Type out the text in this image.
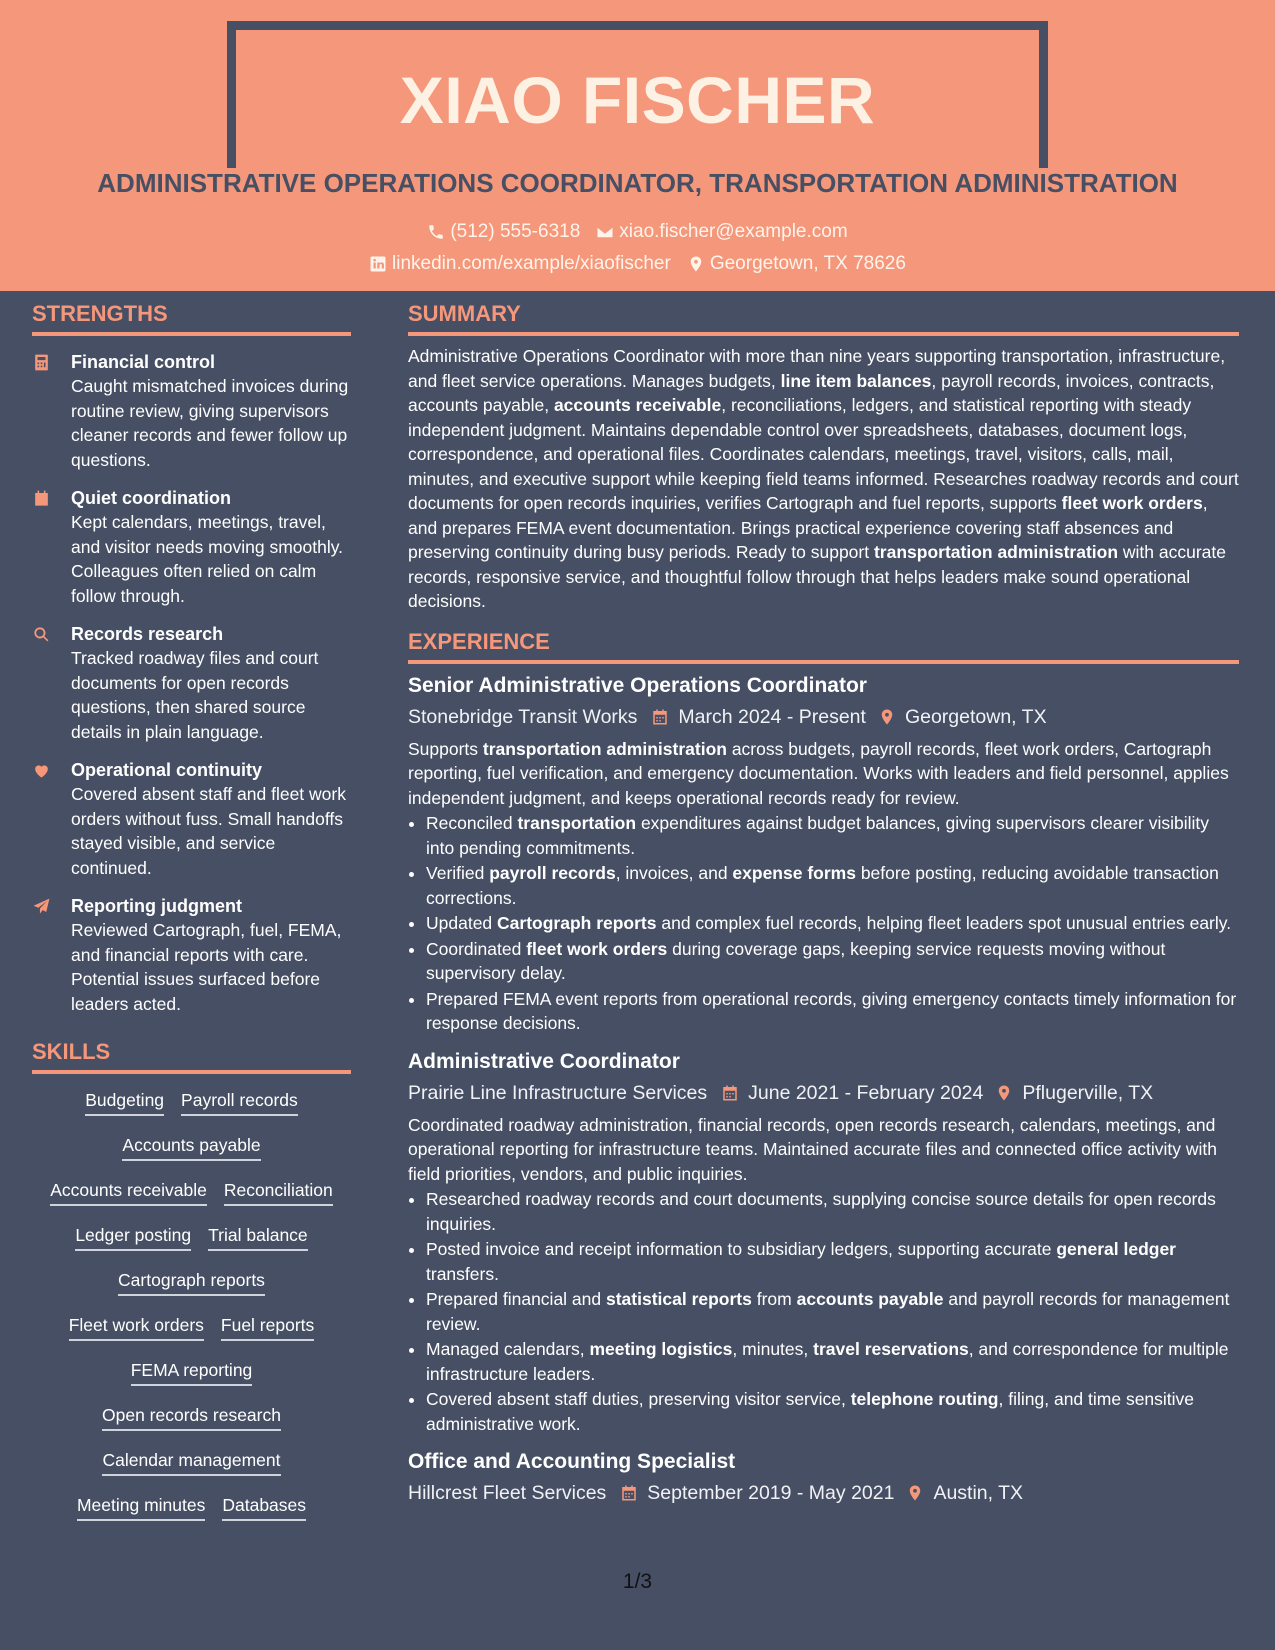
XIAO FISCHER
ADMINISTRATIVE OPERATIONS COORDINATOR, TRANSPORTATION ADMINISTRATION
(512) 555-6318 xiao.fischer@example.com
linkedin.com/example/xiaofischer Georgetown, TX 78626
STRENGTHS
Financial control
Caught mismatched invoices during routine review, giving supervisors cleaner records and fewer follow up questions.
Quiet coordination
Kept calendars, meetings, travel, and visitor needs moving smoothly. Colleagues often relied on calm follow through.
Records research
Tracked roadway files and court documents for open records questions, then shared source details in plain language.
Operational continuity
Covered absent staff and fleet work orders without fuss. Small handoffs stayed visible, and service continued.
Reporting judgment
Reviewed Cartograph, fuel, FEMA, and financial reports with care. Potential issues surfaced before leaders acted.
SKILLS
Budgeting Payroll records
Accounts payable
Accounts receivable Reconciliation
Ledger posting Trial balance
Cartograph reports
Fleet work orders Fuel reports
FEMA reporting
Open records research
Calendar management
Meeting minutes Databases
SUMMARY
Administrative Operations Coordinator with more than nine years supporting transportation, infrastructure, and fleet service operations. Manages budgets, line item balances, payroll records, invoices, contracts, accounts payable, accounts receivable, reconciliations, ledgers, and statistical reporting with steady independent judgment. Maintains dependable control over spreadsheets, databases, document logs, correspondence, and operational files. Coordinates calendars, meetings, travel, visitors, calls, mail, minutes, and executive support while keeping field teams informed. Researches roadway records and court documents for open records inquiries, verifies Cartograph and fuel reports, supports fleet work orders, and prepares FEMA event documentation. Brings practical experience covering staff absences and preserving continuity during busy periods. Ready to support transportation administration with accurate records, responsive service, and thoughtful follow through that helps leaders make sound operational decisions.
EXPERIENCE
Senior Administrative Operations Coordinator
Stonebridge Transit Works March 2024 - Present Georgetown, TX
Supports transportation administration across budgets, payroll records, fleet work orders, Cartograph reporting, fuel verification, and emergency documentation. Works with leaders and field personnel, applies independent judgment, and keeps operational records ready for review.
• Reconciled transportation expenditures against budget balances, giving supervisors clearer visibility into pending commitments.
• Verified payroll records, invoices, and expense forms before posting, reducing avoidable transaction corrections.
• Updated Cartograph reports and complex fuel records, helping fleet leaders spot unusual entries early.
• Coordinated fleet work orders during coverage gaps, keeping service requests moving without supervisory delay.
• Prepared FEMA event reports from operational records, giving emergency contacts timely information for response decisions.
Administrative Coordinator
Prairie Line Infrastructure Services June 2021 - February 2024 Pflugerville, TX
Coordinated roadway administration, financial records, open records research, calendars, meetings, and operational reporting for infrastructure teams. Maintained accurate files and connected office activity with field priorities, vendors, and public inquiries.
• Researched roadway records and court documents, supplying concise source details for open records inquiries.
• Posted invoice and receipt information to subsidiary ledgers, supporting accurate general ledger transfers.
• Prepared financial and statistical reports from accounts payable and payroll records for management review.
• Managed calendars, meeting logistics, minutes, travel reservations, and correspondence for multiple infrastructure leaders.
• Covered absent staff duties, preserving visitor service, telephone routing, filing, and time sensitive administrative work.
Office and Accounting Specialist
Hillcrest Fleet Services September 2019 - May 2021 Austin, TX
1/3
